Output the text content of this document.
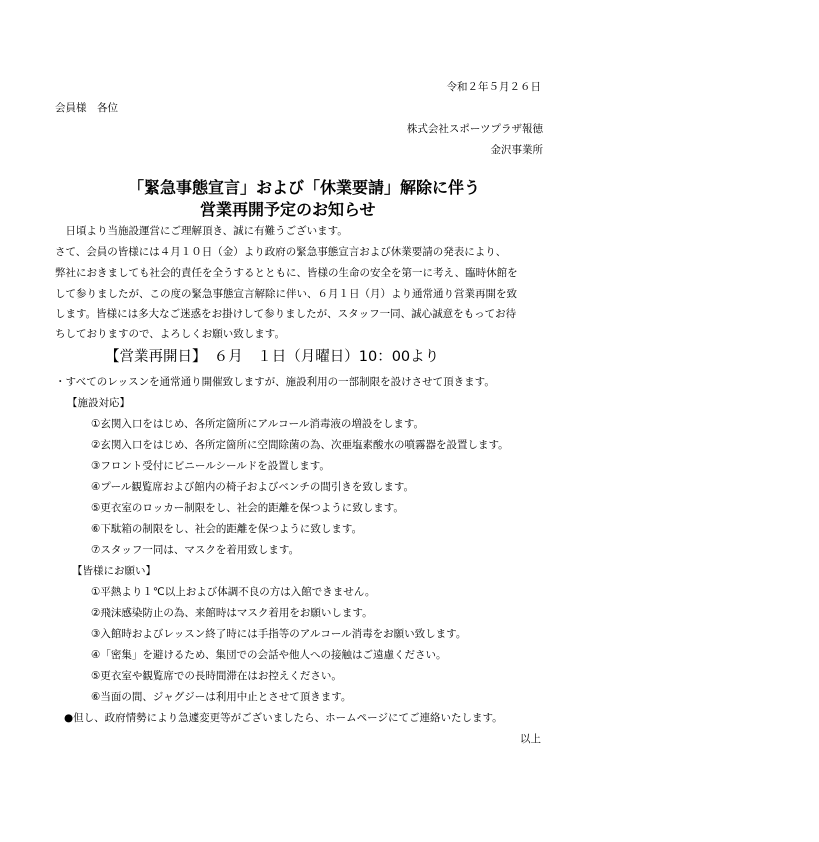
令和２年５月２６日
会員様　各位
株式会社スポーツプラザ報徳
金沢事業所
「緊急事態宣言」および「休業要請」解除に伴う
営業再開予定のお知らせ
　日頃より当施設運営にご理解頂き、誠に有難うございます。
さて、会員の皆様には４月１０日（金）より政府の緊急事態宣言および休業要請の発表により、
弊社におきましても社会的責任を全うするとともに、皆様の生命の安全を第一に考え、臨時休館を
して参りましたが、この度の緊急事態宣言解除に伴い、６月１日（月）より通常通り営業再開を致
します。皆様には多大なご迷惑をお掛けして参りましたが、スタッフ一同、誠心誠意をもってお待
ちしておりますので、よろしくお願い致します。
【営業再開日】　６月　１日（月曜日）10：00より
・すべてのレッスンを通常通り開催致しますが、施設利用の一部制限を設けさせて頂きます。
【施設対応】
①玄関入口をはじめ、各所定箇所にアルコール消毒液の増設をします。
②玄関入口をはじめ、各所定箇所に空間除菌の為、次亜塩素酸水の噴霧器を設置します。
③フロント受付にビニールシールドを設置します。
④プール観覧席および館内の椅子およびベンチの間引きを致します。
⑤更衣室のロッカー制限をし、社会的距離を保つように致します。
⑥下駄箱の制限をし、社会的距離を保つように致します。
⑦スタッフ一同は、マスクを着用致します。
【皆様にお願い】
①平熱より１℃以上および体調不良の方は入館できません。
②飛沫感染防止の為、来館時はマスク着用をお願いします。
③入館時およびレッスン終了時には手指等のアルコール消毒をお願い致します。
④「密集」を避けるため、集団での会話や他人への接触はご遠慮ください。
⑤更衣室や観覧席での長時間滞在はお控えください。
⑥当面の間、ジャグジーは利用中止とさせて頂きます。
●但し、政府情勢により急遽変更等がございましたら、ホームページにてご連絡いたします。
以上
